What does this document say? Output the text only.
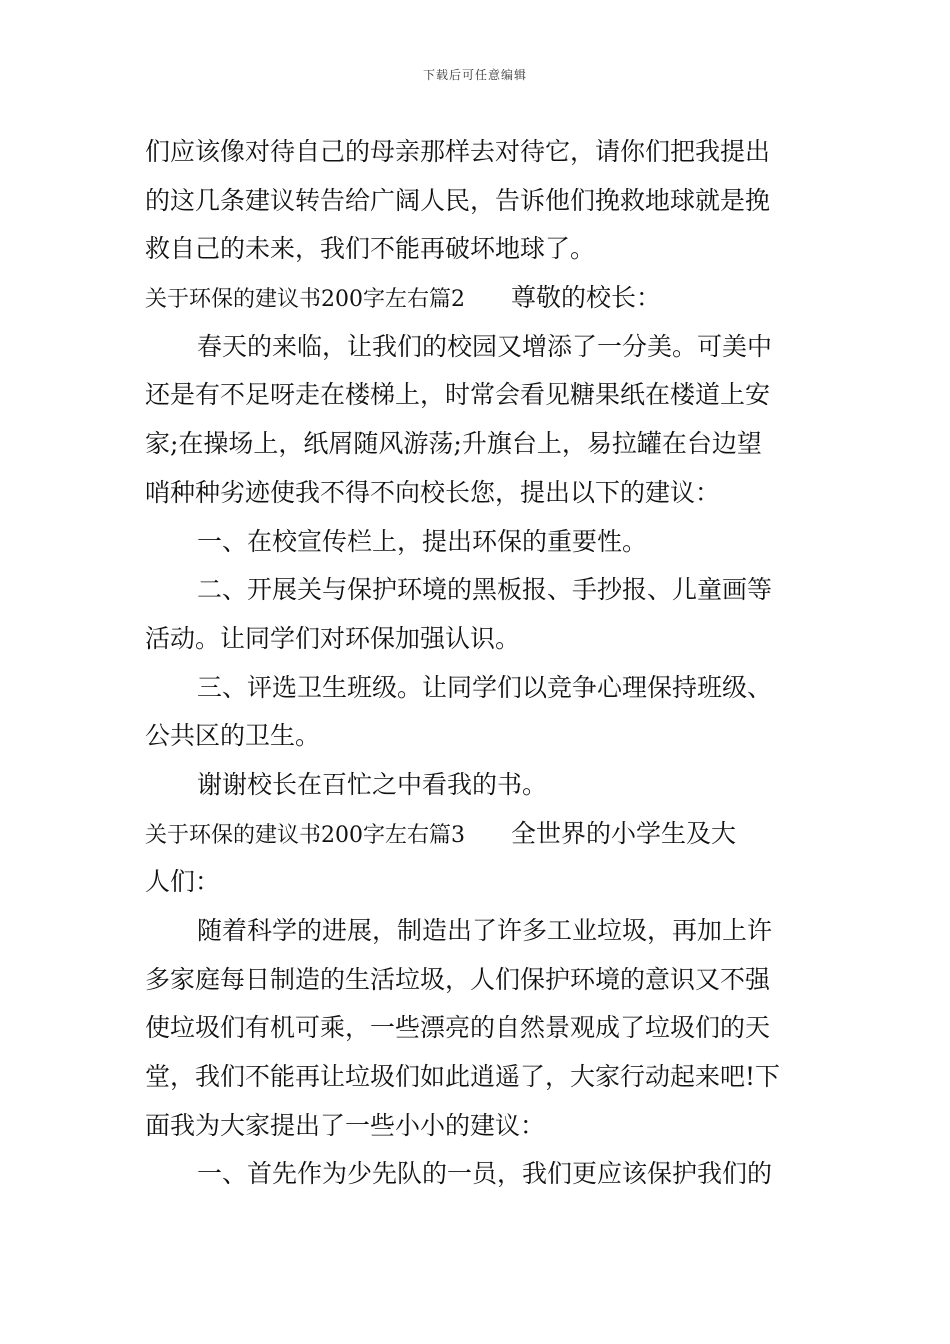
下载后可任意编辑
们应该像对待自己的母亲那样去对待它，请你们把我提出
的这几条建议转告给广阔人民，告诉他们挽救地球就是挽
救自己的未来，我们不能再破坏地球了。
关于环保的建议书200字左右篇2 尊敬的校长：
春天的来临，让我们的校园又增添了一分美。可美中
还是有不足呀走在楼梯上，时常会看见糖果纸在楼道上安
家;在操场上，纸屑随风游荡;升旗台上，易拉罐在台边望
哨种种劣迹使我不得不向校长您，提出以下的建议：
一、在校宣传栏上，提出环保的重要性。
二、开展关与保护环境的黑板报、手抄报、儿童画等
活动。让同学们对环保加强认识。
三、评选卫生班级。让同学们以竞争心理保持班级、
公共区的卫生。
谢谢校长在百忙之中看我的书。
关于环保的建议书200字左右篇3 全世界的小学生及大
人们：
随着科学的进展，制造出了许多工业垃圾，再加上许
多家庭每日制造的生活垃圾，人们保护环境的意识又不强
使垃圾们有机可乘，一些漂亮的自然景观成了垃圾们的天
堂，我们不能再让垃圾们如此逍遥了，大家行动起来吧!下
面我为大家提出了一些小小的建议：
一、首先作为少先队的一员，我们更应该保护我们的
